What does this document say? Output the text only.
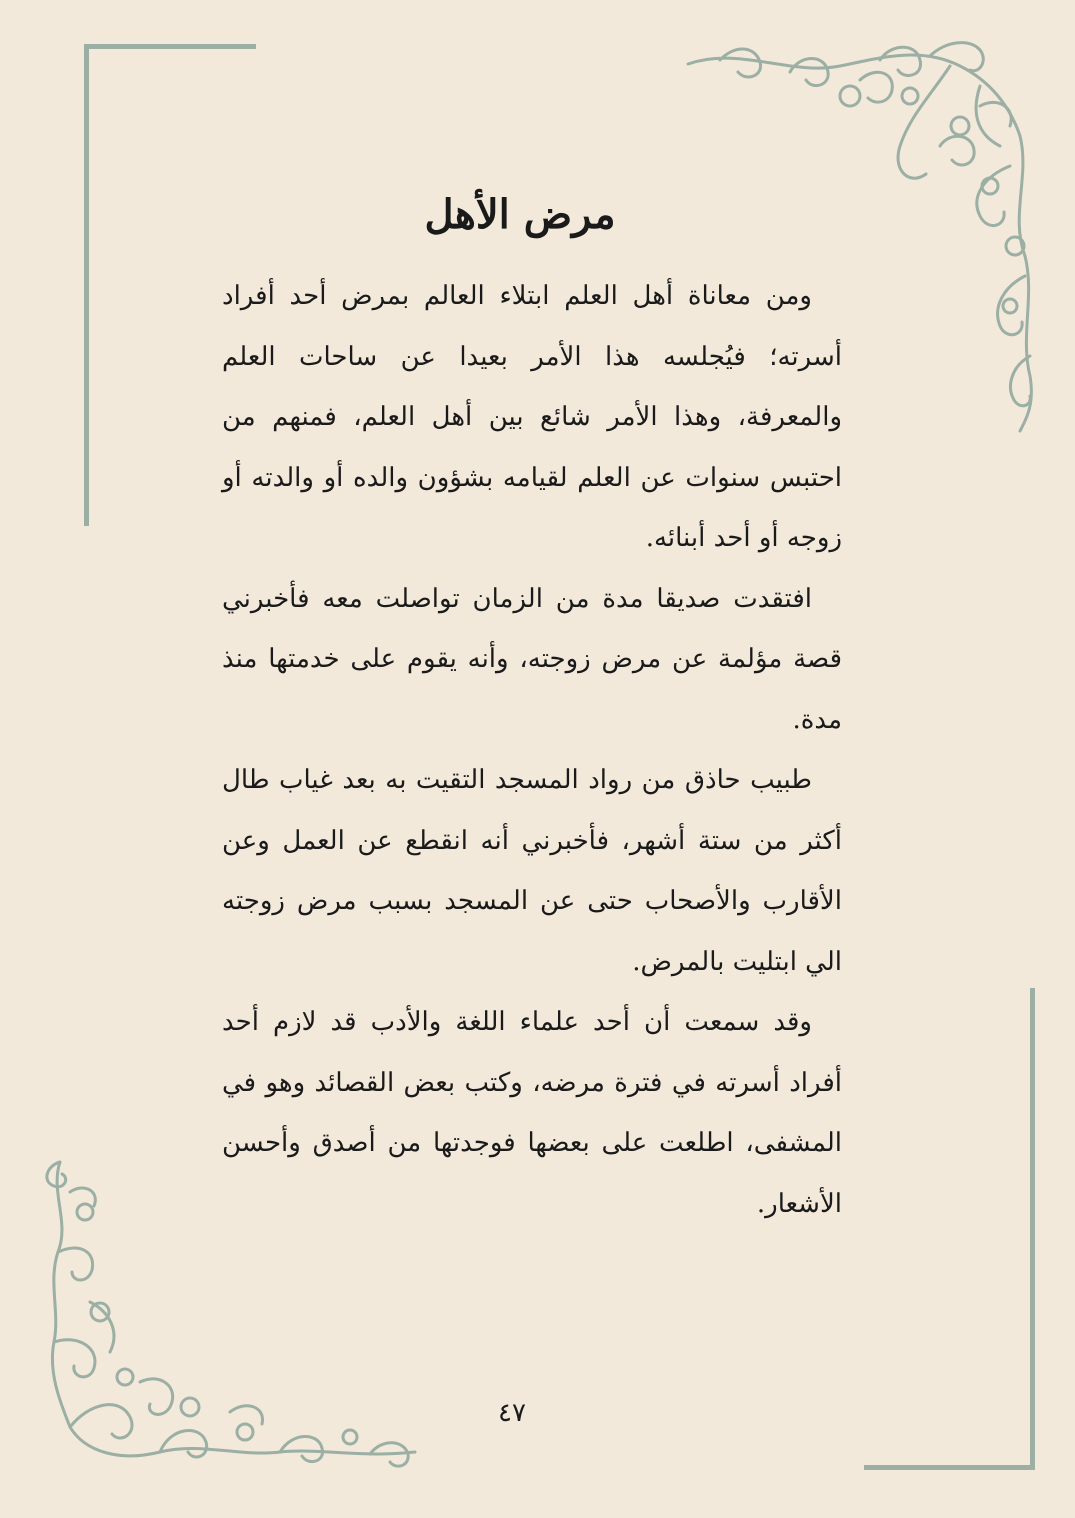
مرض الأهل

ومن معاناة أهل العلم ابتلاء العالم بمرض أحد أفراد أسرته؛ فيُجلسه هذا الأمر بعيدا عن ساحات العلم والمعرفة، وهذا الأمر شائع بين أهل العلم، فمنهم من احتبس سنوات عن العلم لقيامه بشؤون والده أو والدته أو زوجه أو أحد أبنائه.

افتقدت صديقا مدة من الزمان تواصلت معه فأخبرني قصة مؤلمة عن مرض زوجته، وأنه يقوم على خدمتها منذ مدة.

طبيب حاذق من رواد المسجد التقيت به بعد غياب طال أكثر من ستة أشهر، فأخبرني أنه انقطع عن العمل وعن الأقارب والأصحاب حتى عن المسجد بسبب مرض زوجته الي ابتليت بالمرض.

وقد سمعت أن أحد علماء اللغة والأدب قد لازم أحد أفراد أسرته في فترة مرضه، وكتب بعض القصائد وهو في المشفى، اطلعت على بعضها فوجدتها من أصدق وأحسن الأشعار.

٤٧
